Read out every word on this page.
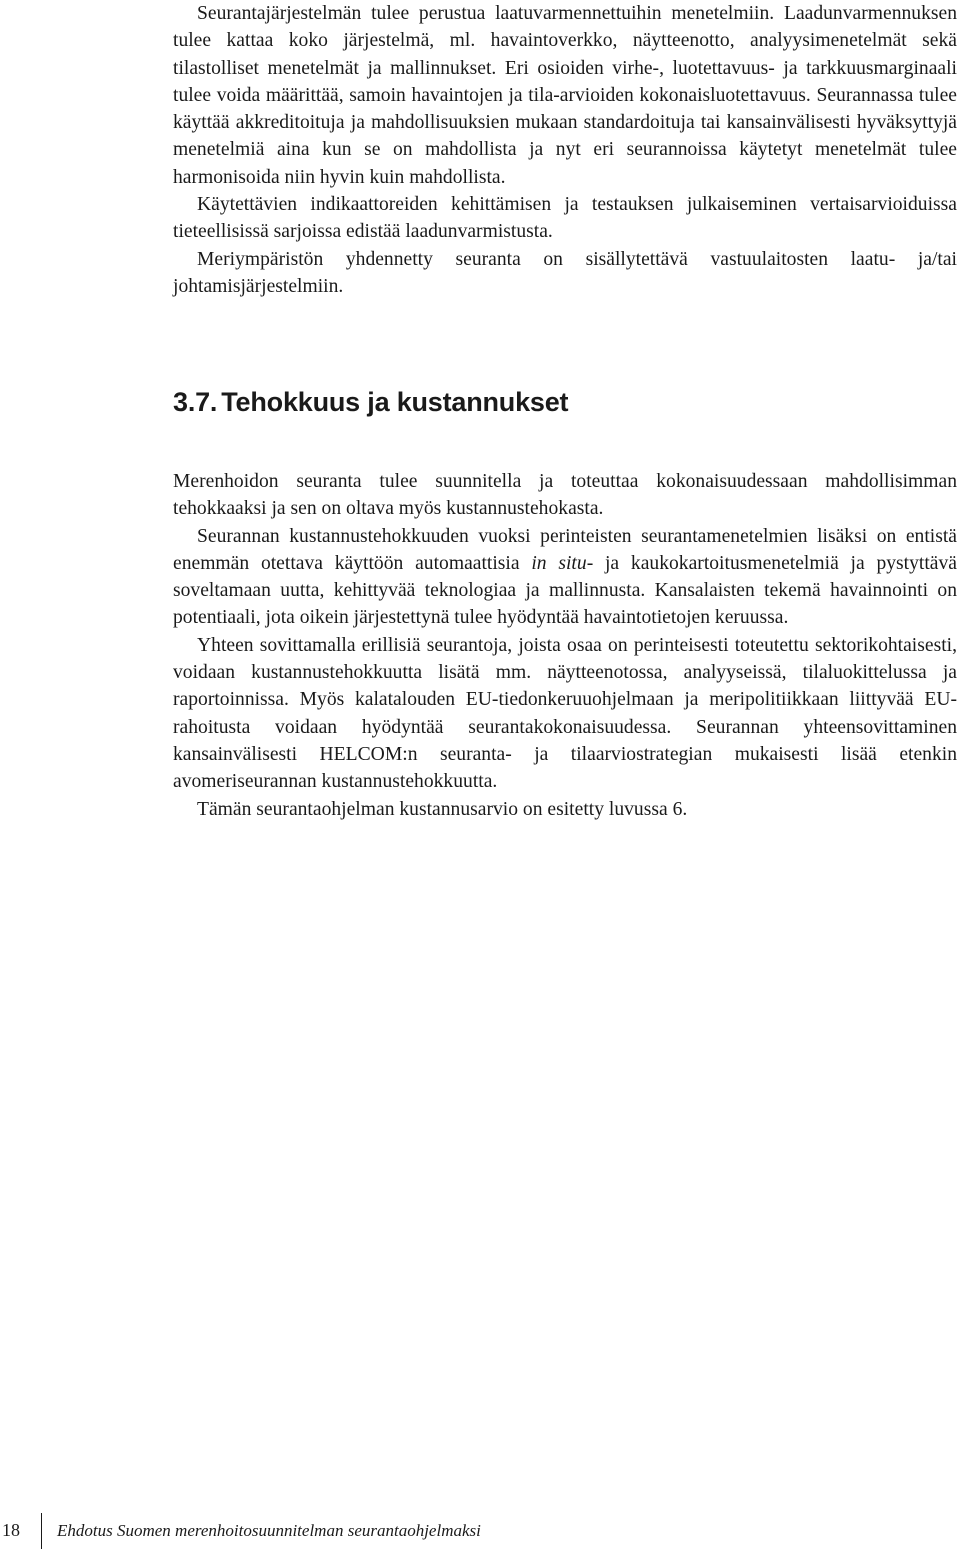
Seurantajärjestelmän tulee perustua laatuvarmennettuihin menetelmiin. Laadunvarmennuksen tulee kattaa koko järjestelmä, ml. havaintoverkko, näytteenotto, analyysimenetelmät sekä tilastolliset menetelmät ja mallinnukset. Eri osioiden virhe-, luotettavuus- ja tarkkuusmarginaali tulee voida määrittää, samoin havaintojen ja tila-arvioiden kokonaisluotettavuus. Seurannassa tulee käyttää akkreditoituja ja mahdollisuuksien mukaan standardoituja tai kansainvälisesti hyväksyttyjä menetelmiä aina kun se on mahdollista ja nyt eri seurannoissa käytetyt menetelmät tulee harmonisoida niin hyvin kuin mahdollista.

Käytettävien indikaattoreiden kehittämisen ja testauksen julkaiseminen vertaisarvioiduissa tieteellisissä sarjoissa edistää laadunvarmistusta.

Meriympäristön yhdennetty seuranta on sisällytettävä vastuulaitosten laatu- ja/tai johtamisjärjestelmiin.

3.7. Tehokkuus ja kustannukset

Merenhoidon seuranta tulee suunnitella ja toteuttaa kokonaisuudessaan mahdollisimman tehokkaaksi ja sen on oltava myös kustannustehokasta.

Seurannan kustannustehokkuuden vuoksi perinteisten seurantamenetelmien lisäksi on entistä enemmän otettava käyttöön automaattisia in situ- ja kaukokartoitusmenetelmiä ja pystyttävä soveltamaan uutta, kehittyvää teknologiaa ja mallinnusta. Kansalaisten tekemä havainnointi on potentiaali, jota oikein järjestettynä tulee hyödyntää havaintotietojen keruussa.

Yhteen sovittamalla erillisiä seurantoja, joista osaa on perinteisesti toteutettu sektorikohtaisesti, voidaan kustannustehokkuutta lisätä mm. näytteenotossa, analyyseissä, tilaluokittelussa ja raportoinnissa. Myös kalatalouden EU-tiedonkeruuohjelmaan ja meripolitiikkaan liittyvää EU-rahoitusta voidaan hyödyntää seurantakokonaisuudessa. Seurannan yhteensovittaminen kansainvälisesti HELCOM:n seuranta- ja tilaarviostrategian mukaisesti lisää etenkin avomeriseurannan kustannustehokkuutta.

Tämän seurantaohjelman kustannusarvio on esitetty luvussa 6.

18 Ehdotus Suomen merenhoitosuunnitelman seurantaohjelmaksi
